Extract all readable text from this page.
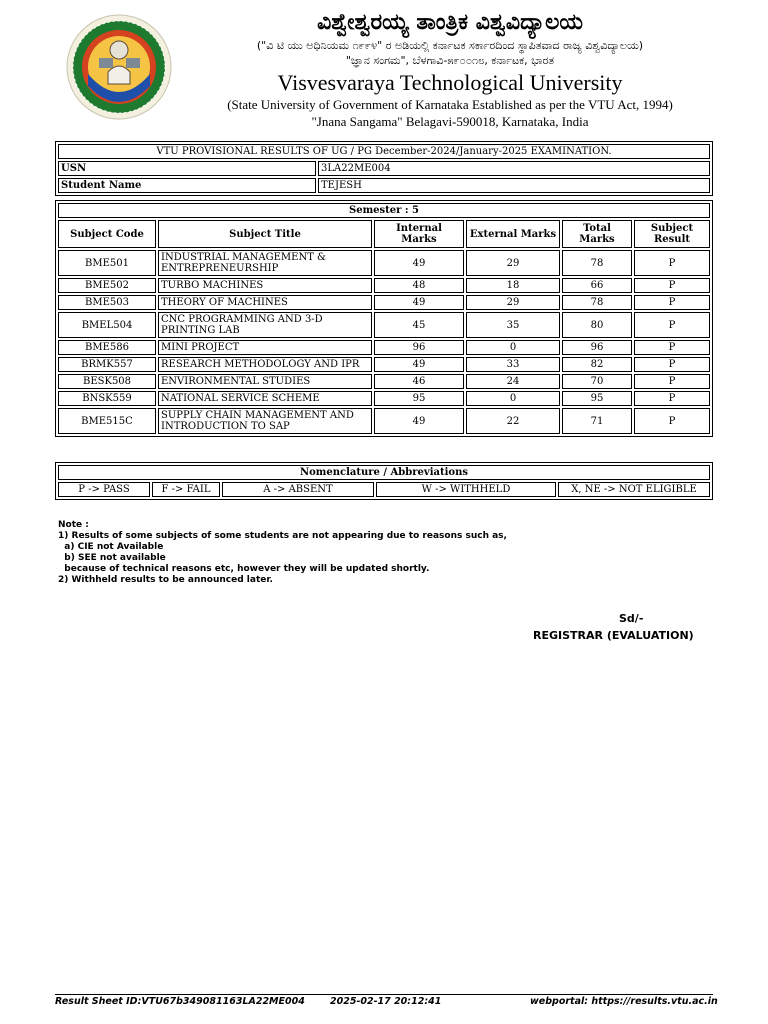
ವಿಶ್ವೇಶ್ವರಯ್ಯ ತಾಂತ್ರಿಕ ವಿಶ್ವವಿದ್ಯಾಲಯ
("ವಿ ಟಿ ಯು ಅಧಿನಿಯಮ ೧೯೯೪" ರ ಅಡಿಯಲ್ಲಿ ಕರ್ನಾಟಕ ಸರ್ಕಾರದಿಂದ ಸ್ಥಾಪಿತವಾದ ರಾಜ್ಯ ವಿಶ್ವವಿದ್ಯಾಲಯ)
"ಜ್ಞಾನ ಸಂಗಮ", ಬೆಳಗಾವಿ-೫೯೦೦೧೮, ಕರ್ನಾಟಕ, ಭಾರತ
Visvesvaraya Technological University
(State University of Government of Karnataka Established as per the VTU Act, 1994)
"Jnana Sangama" Belagavi-590018, Karnataka, India
VTU PROVISIONAL RESULTS OF UG / PG December-2024/January-2025 EXAMINATION.	
USN	3LA22ME004
Student Name	TEJESH
Semester : 5					
Subject Code	Subject Title	Internal Marks	External Marks	Total Marks	Subject Result
BME501	INDUSTRIAL MANAGEMENT & ENTREPRENEURSHIP	49	29	78	P
BME502	TURBO MACHINES	48	18	66	P
BME503	THEORY OF MACHINES	49	29	78	P
BMEL504	CNC PROGRAMMING AND 3-D PRINTING LAB	45	35	80	P
BME586	MINI PROJECT	96	0	96	P
BRMK557	RESEARCH METHODOLOGY AND IPR	49	33	82	P
BESK508	ENVIRONMENTAL STUDIES	46	24	70	P
BNSK559	NATIONAL SERVICE SCHEME	95	0	95	P
BME515C	SUPPLY CHAIN MANAGEMENT AND INTRODUCTION TO SAP	49	22	71	P
Nomenclature / Abbreviations
P -> PASS	F -> FAIL	A -> ABSENT	W -> WITHHELD	X, NE -> NOT ELIGIBLE
Note :
1) Results of some subjects of some students are not appearing due to reasons such as,
a) CIE not Available
b) SEE not available
because of technical reasons etc, however they will be updated shortly.
2) Withheld results to be announced later.
Sd/-
REGISTRAR (EVALUATION)
Result Sheet ID:VTU67b349081163LA22ME004	2025-02-17 20:12:41	webportal: https://results.vtu.ac.in
